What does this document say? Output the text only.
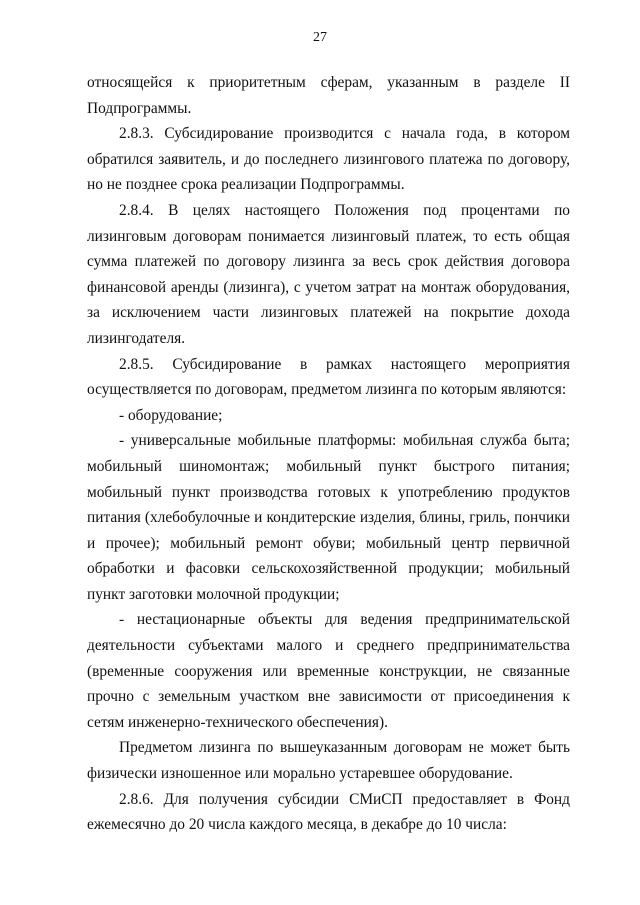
27

относящейся к приоритетным сферам, указанным в разделе II Подпрограммы.

2.8.3. Субсидирование производится с начала года, в котором обратился заявитель, и до последнего лизингового платежа по договору, но не позднее срока реализации Подпрограммы.

2.8.4. В целях настоящего Положения под процентами по лизинговым договорам понимается лизинговый платеж, то есть общая сумма платежей по договору лизинга за весь срок действия договора финансовой аренды (лизинга), с учетом затрат на монтаж оборудования, за исключением части лизинговых платежей на покрытие дохода лизингодателя.

2.8.5. Субсидирование в рамках настоящего мероприятия осуществляется по договорам, предметом лизинга по которым являются:

- оборудование;

- универсальные мобильные платформы: мобильная служба быта; мобильный шиномонтаж; мобильный пункт быстрого питания; мобильный пункт производства готовых к употреблению продуктов питания (хлебобулочные и кондитерские изделия, блины, гриль, пончики и прочее); мобильный ремонт обуви; мобильный центр первичной обработки и фасовки сельскохозяйственной продукции; мобильный пункт заготовки молочной продукции;

- нестационарные объекты для ведения предпринимательской деятельности субъектами малого и среднего предпринимательства (временные сооружения или временные конструкции, не связанные прочно с земельным участком вне зависимости от присоединения к сетям инженерно-технического обеспечения).

Предметом лизинга по вышеуказанным договорам не может быть физически изношенное или морально устаревшее оборудование.

2.8.6. Для получения субсидии СМиСП предоставляет в Фонд ежемесячно до 20 числа каждого месяца, в декабре до 10 числа:
